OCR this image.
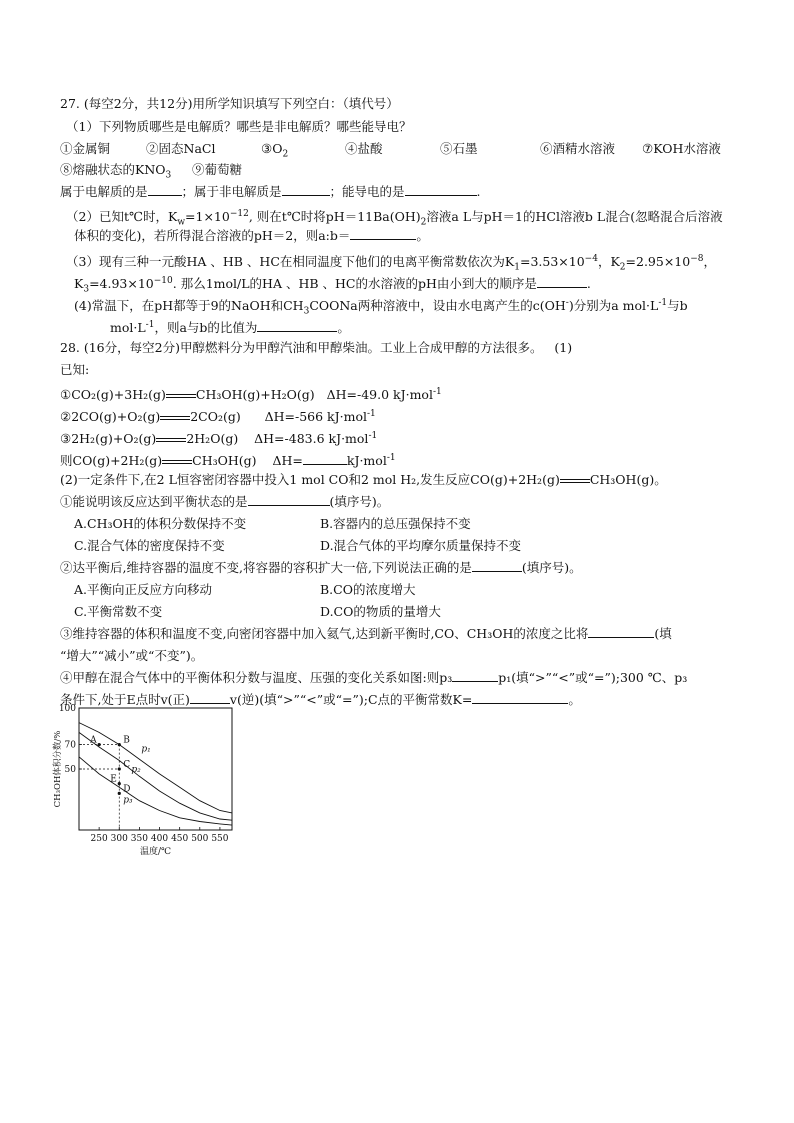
27. (每空2分，共12分)用所学知识填写下列空白：（填代号）
（1）下列物质哪些是电解质？哪些是非电解质？哪些能导电？
①金属铜	②固态NaCl	$③O_2$	④盐酸	⑤石墨	⑥酒精水溶液 ⑦KOH水溶液
⑧熔融状态的$KNO_3$ ⑨葡萄糖
属于电解质的是	；属于非电解质是	；能导电的是	.
（2）已知t℃时，$K_w=1\times 10^{-12}$, 则在t℃时将$pH=11Ba(OH)_2$溶液a L与pH＝1的HCl溶液b L混合(忽略混合后溶液
体积的变化)，若所得混合溶液的pH＝2，则a:b＝	。
（3）现有三种一元酸HA 、HB 、HC在相同温度下他们的电离平衡常数依次为$K_1=3.53\times 10^{-4}$，$K_2=2.95\times 10^{-8}$，
$K_3=4.93\times 10^{-10}$. 那么1mol/L的HA 、HB 、HC的水溶液的pH由小到大的顺序是	.
(4)常温下，在pH都等于9的NaOH和$CH_3COONa$两种溶液中，设由水电离产生的c(OH-)分别为a $mol\cdot L^{-1}$与b
$mol\cdot L^{-1}$，则a与b的比值为	。
28. (16分，每空2分)甲醇燃料分为甲醇汽油和甲醇柴油。工业上合成甲醇的方法很多。 (1)
已知:
①CO₂(g)+3H₂(g) CH₃OH(g)+H₂O(g) ΔH=-49.0 kJ·mol$^{-1}$
②2CO(g)+O₂(g) 2CO₂(g) ΔH=-566 kJ·mol$^{-1}$
③2H₂(g)+O₂(g) 2H₂O(g) ΔH=-483.6 kJ·mol$^{-1}$
则CO(g)+2H₂(g) CH₃OH(g) ΔH=	kJ·mol$^{-1}$
(2)一定条件下,在2 L恒容密闭容器中投入1 mol CO和2 mol H₂,发生反应CO(g)+2H₂(g) CH₃OH(g)。
①能说明该反应达到平衡状态的是	(填序号)。
A.CH₃OH的体积分数保持不变	B.容器内的总压强保持不变
C.混合气体的密度保持不变	D.混合气体的平均摩尔质量保持不变
②达平衡后,维持容器的温度不变,将容器的容积扩大一倍,下列说法正确的是	(填序号)。
A.平衡向正反应方向移动	B.CO的浓度增大
C.平衡常数不变	D.CO的物质的量增大
③维持容器的体积和温度不变,向密闭容器中加入氦气,达到新平衡时,CO、CH₃OH的浓度之比将	(填
“增大”“减小”或“不变”)。
④甲醇在混合气体中的平衡体积分数与温度、压强的变化关系如图:则p₃	p₁(填“>”“<”或“=”);300 ℃、p₃
条件下,处于E点时v(正)	v(逆)(填“>”“<”或“=”);C点的平衡常数K=	。
250 300 350 400 450 500 550
50
70
100
温度/℃
CH₃OH体积分数/%	p₁
p₂
p₃
A	B
C
E
D
